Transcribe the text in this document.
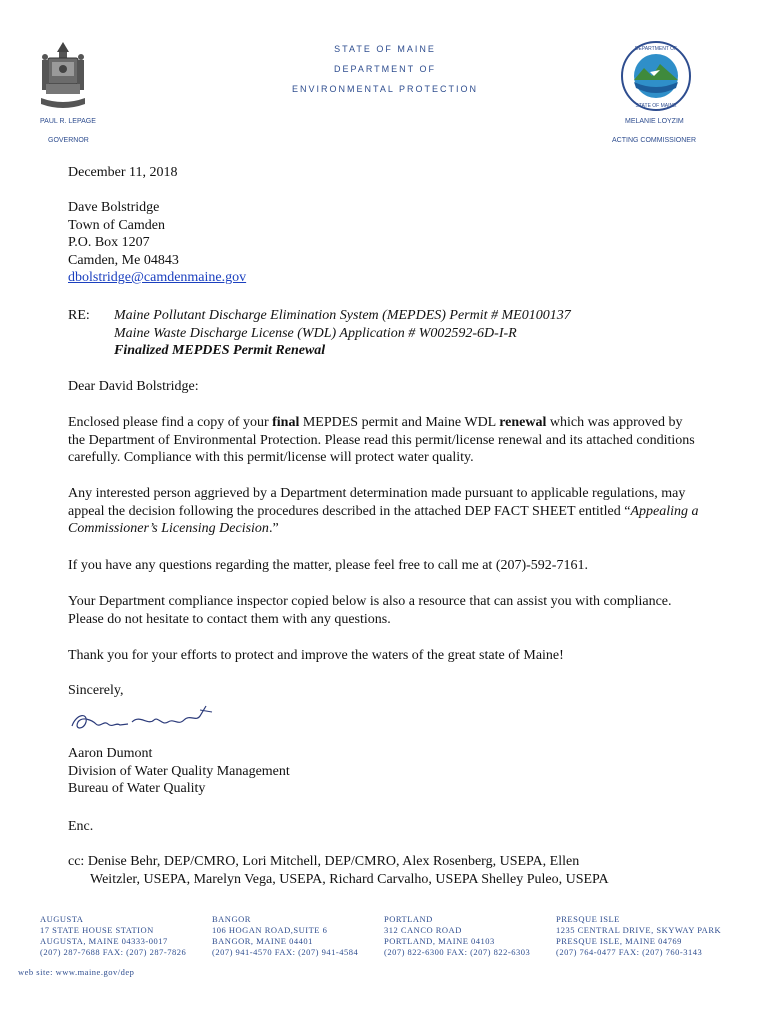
DEPARTMENT OF
STATE OF MAINE
STATE OF MAINE
DEPARTMENT OF
ENVIRONMENTAL PROTECTION
PAUL R. LEPAGE
GOVERNOR
MELANIE LOYZIM
ACTING COMMISSIONER
December 11, 2018
Dave Bolstridge
Town of Camden
P.O. Box 1207
Camden, Me 04843
dbolstridge@camdenmaine.gov
RE: Maine Pollutant Discharge Elimination System (MEPDES) Permit # ME0100137
Maine Waste Discharge License (WDL) Application # W002592-6D-I-R
Finalized MEPDES Permit Renewal
Dear David Bolstridge:
Enclosed please find a copy of your final MEPDES permit and Maine WDL renewal which was approved by the Department of Environmental Protection. Please read this permit/license renewal and its attached conditions carefully. Compliance with this permit/license will protect water quality.
Any interested person aggrieved by a Department determination made pursuant to applicable regulations, may appeal the decision following the procedures described in the attached DEP FACT SHEET entitled “Appealing a Commissioner’s Licensing Decision.”
If you have any questions regarding the matter, please feel free to call me at (207)-592-7161.
Your Department compliance inspector copied below is also a resource that can assist you with compliance. Please do not hesitate to contact them with any questions.
Thank you for your efforts to protect and improve the waters of the great state of Maine!
Sincerely,
Aaron Dumont
Division of Water Quality Management
Bureau of Water Quality
Enc.
cc: Denise Behr, DEP/CMRO, Lori Mitchell, DEP/CMRO, Alex Rosenberg, USEPA, Ellen Weitzler, USEPA, Marelyn Vega, USEPA, Richard Carvalho, USEPA Shelley Puleo, USEPA
AUGUSTA
17 STATE HOUSE STATION
AUGUSTA, MAINE 04333-0017
(207) 287-7688 FAX: (207) 287-7826
BANGOR
106 HOGAN ROAD,SUITE 6
BANGOR, MAINE 04401
(207) 941-4570 FAX: (207) 941-4584
PORTLAND
312 CANCO ROAD
PORTLAND, MAINE 04103
(207) 822-6300 FAX: (207) 822-6303
PRESQUE ISLE
1235 CENTRAL DRIVE, SKYWAY PARK
PRESQUE ISLE, MAINE 04769
(207) 764-0477 FAX: (207) 760-3143
web site: www.maine.gov/dep
